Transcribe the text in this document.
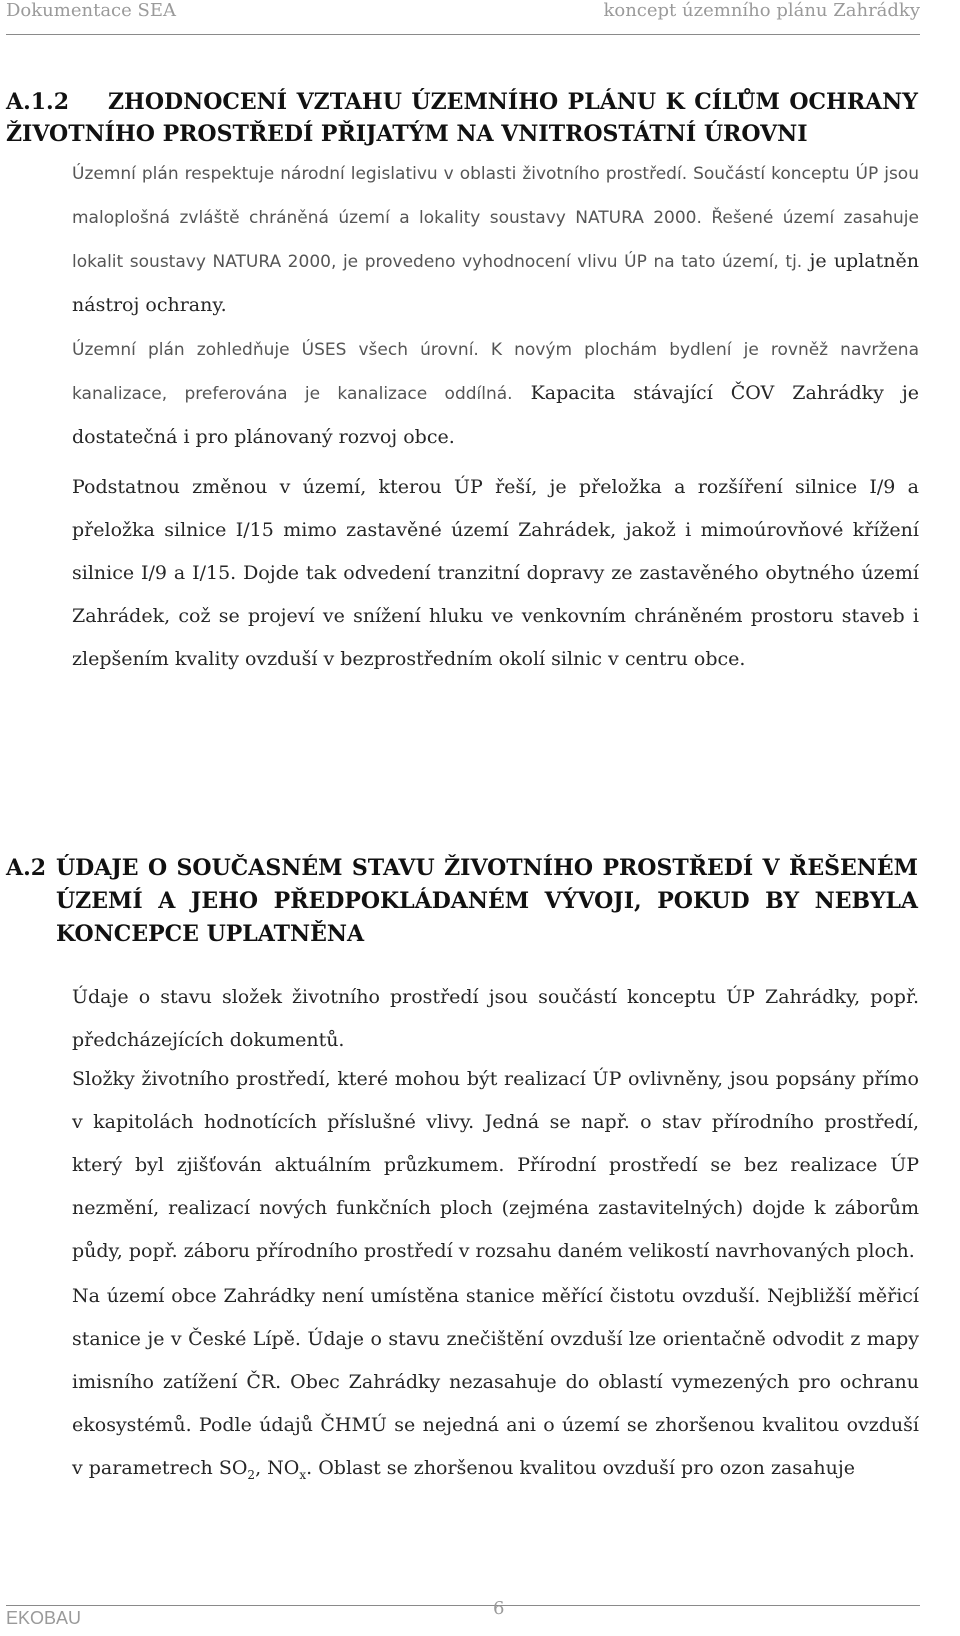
Dokumentace SEA	koncept územního plánu Zahrádky
A.1.2 ZHODNOCENÍ VZTAHU ÚZEMNÍHO PLÁNU K CÍLŮM OCHRANY
ŽIVOTNÍHO PROSTŘEDÍ PŘIJATÝM NA VNITROSTÁTNÍ ÚROVNI
Územní plán respektuje národní legislativu v oblasti životního prostředí. Součástí konceptu ÚP jsou maloplošná zvláště chráněná území a lokality soustavy NATURA 2000. Řešené území zasahuje lokalit soustavy NATURA 2000, je provedeno vyhodnocení vlivu ÚP na tato území, tj. je uplatněn nástroj ochrany.
Územní plán zohledňuje ÚSES všech úrovní. K novým plochám bydlení je rovněž navržena kanalizace, preferována je kanalizace oddílná. Kapacita stávající ČOV Zahrádky je dostatečná i pro plánovaný rozvoj obce.
Podstatnou změnou v území, kterou ÚP řeší, je přeložka a rozšíření silnice I/9 a přeložka silnice I/15 mimo zastavěné území Zahrádek, jakož i mimoúrovňové křížení silnice I/9 a I/15. Dojde tak odvedení tranzitní dopravy ze zastavěného obytného území Zahrádek, což se projeví ve snížení hluku ve venkovním chráněném prostoru staveb i zlepšením kvality ovzduší v bezprostředním okolí silnic v centru obce.
A.2 ÚDAJE O SOUČASNÉM STAVU ŽIVOTNÍHO PROSTŘEDÍ V ŘEŠENÉM
ÚZEMÍ A JEHO PŘEDPOKLÁDANÉM VÝVOJI, POKUD BY NEBYLA
KONCEPCE UPLATNĚNA
Údaje o stavu složek životního prostředí jsou součástí konceptu ÚP Zahrádky, popř. předcházejících dokumentů.
Složky životního prostředí, které mohou být realizací ÚP ovlivněny, jsou popsány přímo v kapitolách hodnotících příslušné vlivy. Jedná se např. o stav přírodního prostředí, který byl zjišťován aktuálním průzkumem. Přírodní prostředí se bez realizace ÚP nezmění, realizací nových funkčních ploch (zejména zastavitelných) dojde k záborům půdy, popř. záboru přírodního prostředí v rozsahu daném velikostí navrhovaných ploch.
Na území obce Zahrádky není umístěna stanice měřící čistotu ovzduší. Nejbližší měřicí stanice je v České Lípě. Údaje o stavu znečištění ovzduší lze orientačně odvodit z mapy imisního zatížení ČR. Obec Zahrádky nezasahuje do oblastí vymezených pro ochranu ekosystémů. Podle údajů ČHMÚ se nejedná ani o území se zhoršenou kvalitou ovzduší v parametrech $SO_2$, $NO_x$. Oblast se zhoršenou kvalitou ovzduší pro ozon zasahuje
EKOBAU	6
